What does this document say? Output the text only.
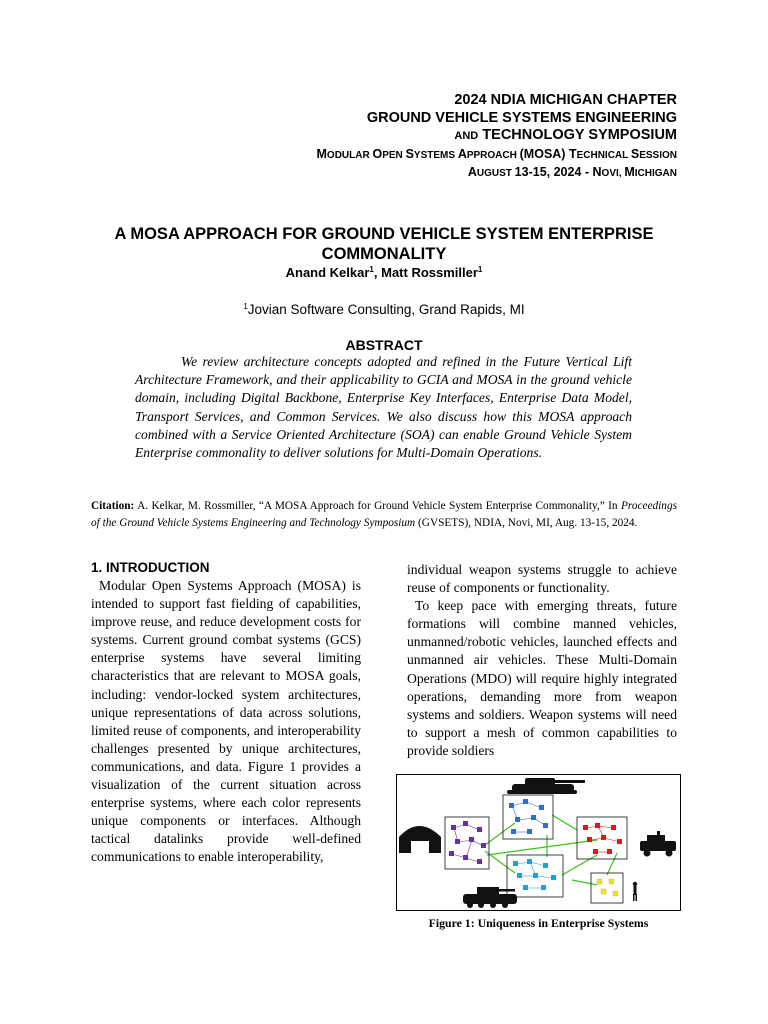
2024 NDIA MICHIGAN CHAPTER
GROUND VEHICLE SYSTEMS ENGINEERING
AND TECHNOLOGY SYMPOSIUM
MODULAR OPEN SYSTEMS APPROACH (MOSA) TECHNICAL SESSION
AUGUST 13-15, 2024 - NOVI, MICHIGAN
A MOSA APPROACH FOR GROUND VEHICLE SYSTEM ENTERPRISE
COMMONALITY
Anand Kelkar$^1$, Matt Rossmiller$^1$
$^1$Jovian Software Consulting, Grand Rapids, MI
ABSTRACT
We review architecture concepts adopted and refined in the Future Vertical Lift Architecture Framework, and their applicability to GCIA and MOSA in the ground vehicle domain, including Digital Backbone, Enterprise Key Interfaces, Enterprise Data Model, Transport Services, and Common Services. We also discuss how this MOSA approach combined with a Service Oriented Architecture (SOA) can enable Ground Vehicle System Enterprise commonality to deliver solutions for Multi-Domain Operations.
Citation: A. Kelkar, M. Rossmiller, “A MOSA Approach for Ground Vehicle System Enterprise Commonality,” In Proceedings of the Ground Vehicle Systems Engineering and Technology Symposium (GVSETS), NDIA, Novi, MI, Aug. 13-15, 2024.
1. INTRODUCTION

Modular Open Systems Approach (MOSA) is intended to support fast fielding of capabilities, improve reuse, and reduce development costs for systems. Current ground combat systems (GCS) enterprise systems have several limiting characteristics that are relevant to MOSA goals, including: vendor-locked system architectures, unique representations of data across solutions, limited reuse of components, and interoperability challenges presented by unique architectures, communications, and data. Figure 1 provides a visualization of the current situation across enterprise systems, where each color represents unique components or interfaces. Although tactical datalinks provide well-defined communications to enable interoperability,

individual weapon systems struggle to achieve reuse of components or functionality.

To keep pace with emerging threats, future formations will combine manned vehicles, unmanned/robotic vehicles, launched effects and unmanned air vehicles. These Multi-Domain Operations (MDO) will require highly integrated operations, demanding more from weapon systems and soldiers. Weapon systems will need to support a mesh of common capabilities to provide soldiers

Figure 1: Uniqueness in Enterprise Systems
